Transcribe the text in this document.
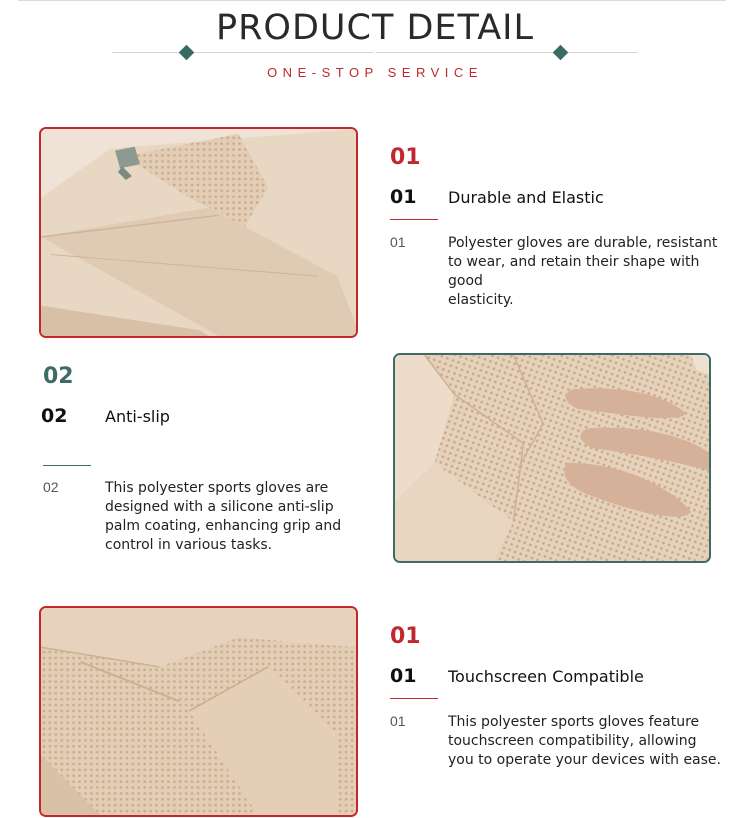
PRODUCT DETAIL
ONE-STOP SERVICE
01
01 Durable and Elastic
01	Polyester gloves are durable, resistant
to wear, and retain their shape with good
elasticity.
02
02 Anti-slip
02	This polyester sports gloves are
designed with a silicone anti-slip
palm coating, enhancing grip and
control in various tasks.
01
01 Touchscreen Compatible
01	This polyester sports gloves feature
touchscreen compatibility, allowing
you to operate your devices with ease.
